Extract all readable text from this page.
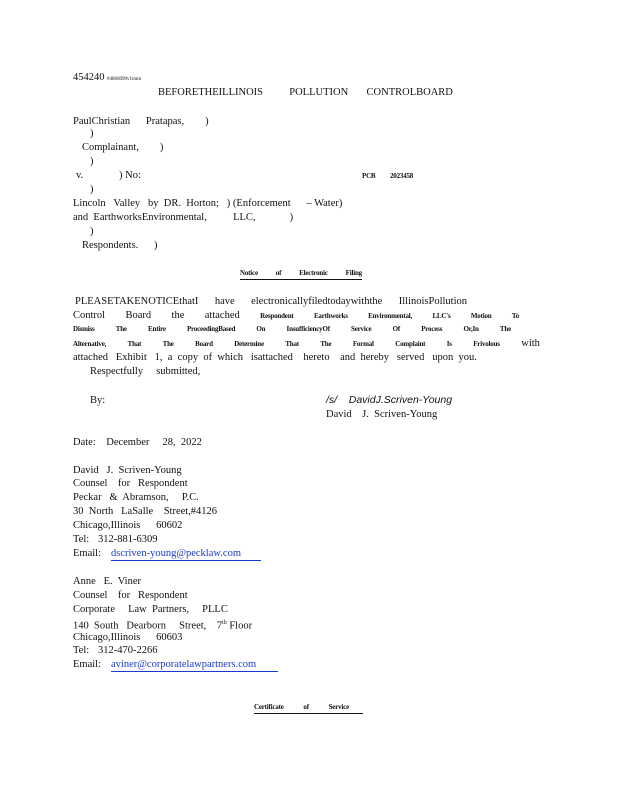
454240 #4866099v1imm
BEFORETHEILLINOIS          POLLUTION       CONTROLBOARD
PaulChristian      Pratapas,        )
)
Complainant,        )
)
v.	) No:	PCB 2023458
)
Lincoln   Valley   by  DR.  Horton;   ) (Enforcement      – Water)
and  EarthworksEnvironmental,          LLC,             )
)
Respondents.      )
Notice	of	Electronic	Filing
PLEASETAKENOTICEthatI have electronicallyfiledtodaywiththe IllinoisPollution
Control Board the attached	Respondent	Earthworks	Environmental,	LLC's	Motion	To
Dismiss	The	Entire	ProceedingBased	On	InsufficiencyOf	Service	Of	Process	Or,In	The
Alternative,	That	The	Board	Determine	That	The	Formal	Complaint	Is	Frivolous with
attached   Exhibit   1,  a  copy  of  which   isattached    hereto    and  hereby   served   upon  you.
Respectfully     submitted,
By:	/s/    DavidJ.Scriven-Young
David    J.  Scriven-Young
Date:    December     28,  2022
David   J.  Scriven-Young
Counsel    for   Respondent
Peckar   &  Abramson,     P.C.
30  North   LaSalle    Street,#4126
Chicago,Illinois      60602
Tel: 312-881-6309
Email: dscriven-young@pecklaw.com
Anne   E.  Viner
Counsel    for   Respondent
Corporate     Law  Partners,     PLLC
140  South   Dearborn     Street, 7th Floor
Chicago,Illinois      60603
Tel: 312-470-2266
Email: aviner@corporatelawpartners.com
Certificate	of	Service
